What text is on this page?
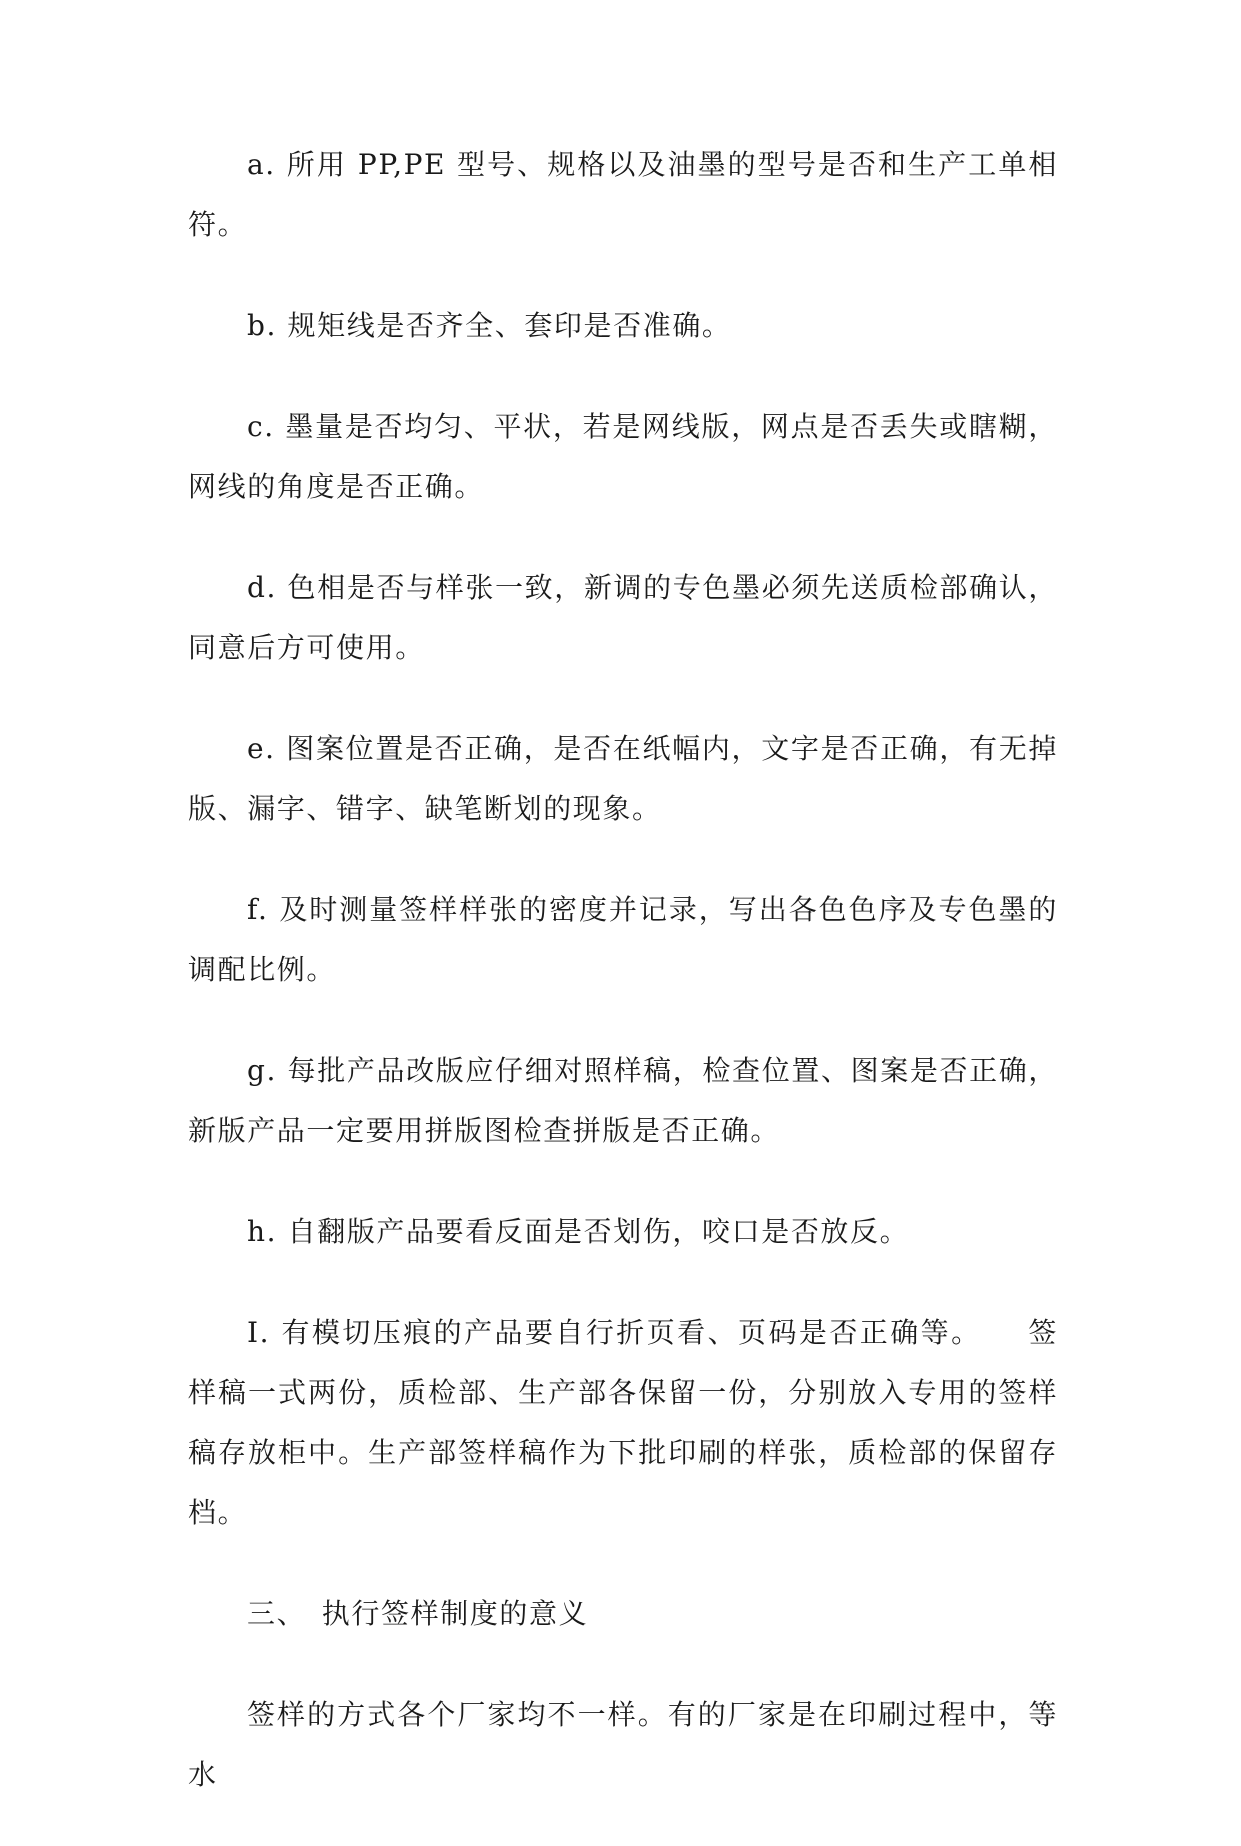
a. 所用 PP,PE 型号、规格以及油墨的型号是否和生产工单相符。

b. 规矩线是否齐全、套印是否准确。

c. 墨量是否均匀、平状，若是网线版，网点是否丢失或瞎糊，网线的角度是否正确。

d. 色相是否与样张一致，新调的专色墨必须先送质检部确认，同意后方可使用。

e. 图案位置是否正确，是否在纸幅内，文字是否正确，有无掉版、漏字、错字、缺笔断划的现象。

f. 及时测量签样样张的密度并记录，写出各色色序及专色墨的调配比例。

g. 每批产品改版应仔细对照样稿，检查位置、图案是否正确，新版产品一定要用拼版图检查拼版是否正确。

h. 自翻版产品要看反面是否划伤，咬口是否放反。

I. 有模切压痕的产品要自行折页看、页码是否正确等。　　签样稿一式两份，质检部、生产部各保留一份，分别放入专用的签样稿存放柜中。生产部签样稿作为下批印刷的样张，质检部的保留存档。

三、　执行签样制度的意义

签样的方式各个厂家均不一样。有的厂家是在印刷过程中，等水
